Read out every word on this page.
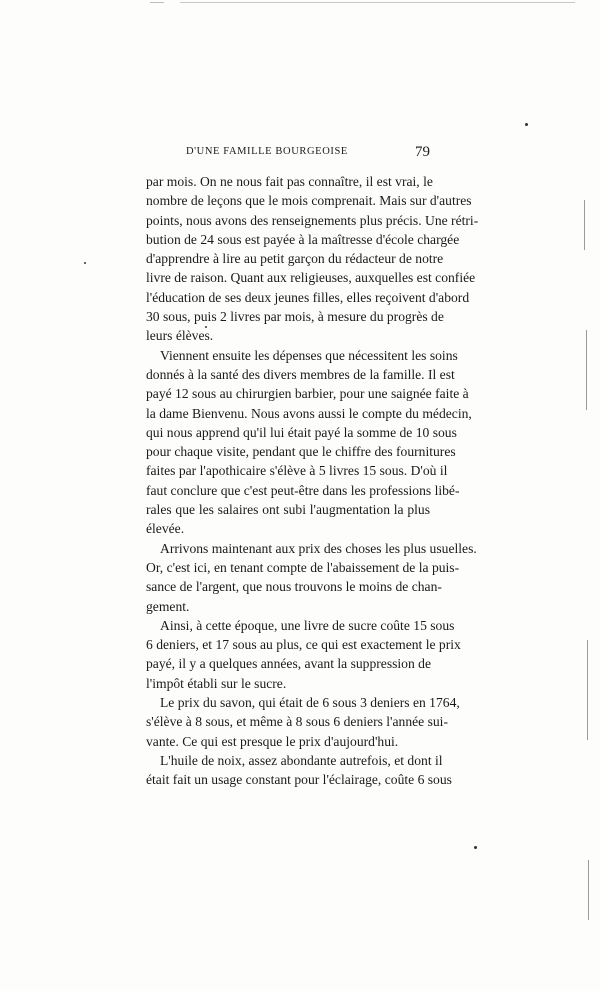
D'UNE FAMILLE BOURGEOISE	79
par mois. On ne nous fait pas connaître, il est vrai, le
nombre de leçons que le mois comprenait. Mais sur d'autres
points, nous avons des renseignements plus précis. Une rétri-
bution de 24 sous est payée à la maîtresse d'école chargée
d'apprendre à lire au petit garçon du rédacteur de notre
livre de raison. Quant aux religieuses, auxquelles est confiée
l'éducation de ses deux jeunes filles, elles reçoivent d'abord
30 sous, puis 2 livres par mois, à mesure du progrès de
leurs élèves.
Viennent ensuite les dépenses que nécessitent les soins
donnés à la santé des divers membres de la famille. Il est
payé 12 sous au chirurgien barbier, pour une saignée faite à
la dame Bienvenu. Nous avons aussi le compte du médecin,
qui nous apprend qu'il lui était payé la somme de 10 sous
pour chaque visite, pendant que le chiffre des fournitures
faites par l'apothicaire s'élève à 5 livres 15 sous. D'où il
faut conclure que c'est peut-être dans les professions libé-
rales que les salaires ont subi l'augmentation la plus
élevée.
Arrivons maintenant aux prix des choses les plus usuelles.
Or, c'est ici, en tenant compte de l'abaissement de la puis-
sance de l'argent, que nous trouvons le moins de chan-
gement.
Ainsi, à cette époque, une livre de sucre coûte 15 sous
6 deniers, et 17 sous au plus, ce qui est exactement le prix
payé, il y a quelques années, avant la suppression de
l'impôt établi sur le sucre.
Le prix du savon, qui était de 6 sous 3 deniers en 1764,
s'élève à 8 sous, et même à 8 sous 6 deniers l'année sui-
vante. Ce qui est presque le prix d'aujourd'hui.
L'huile de noix, assez abondante autrefois, et dont il
était fait un usage constant pour l'éclairage, coûte 6 sous
